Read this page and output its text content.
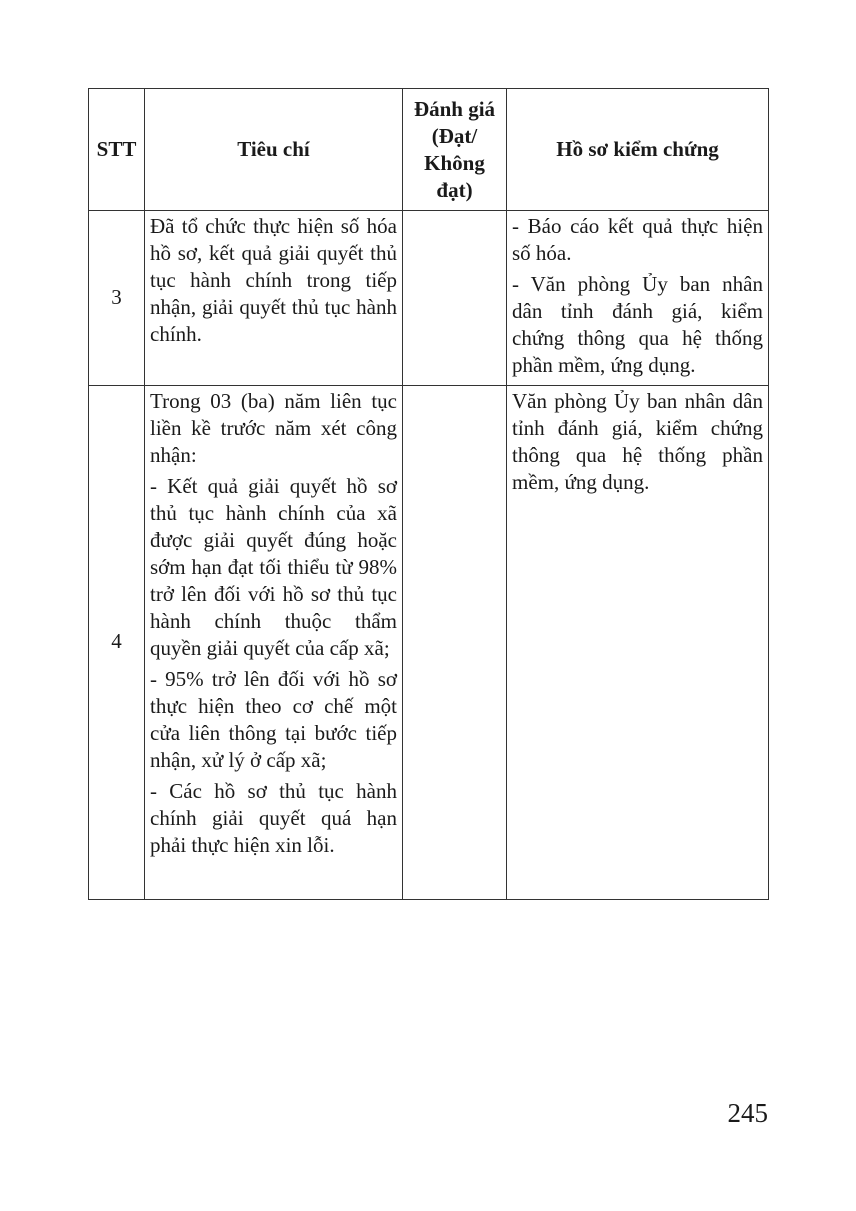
STT	Tiêu chí	Đánh giá
(Đạt/
Không
đạt)	Hồ sơ kiểm chứng
3	Đã tổ chức thực hiện số hóa hồ sơ, kết quả giải quyết thủ tục hành chính trong tiếp nhận, giải quyết thủ tục hành chính.		- Báo cáo kết quả thực hiện số hóa.

- Văn phòng Ủy ban nhân dân tỉnh đánh giá, kiểm chứng thông qua hệ thống phần mềm, ứng dụng.

4	Trong 03 (ba) năm liên tục liền kề trước năm xét công nhận:

- Kết quả giải quyết hồ sơ thủ tục hành chính của xã được giải quyết đúng hoặc sớm hạn đạt tối thiểu từ 98% trở lên đối với hồ sơ thủ tục hành chính thuộc thẩm quyền giải quyết của cấp xã;

- 95% trở lên đối với hồ sơ thực hiện theo cơ chế một cửa liên thông tại bước tiếp nhận, xử lý ở cấp xã;

- Các hồ sơ thủ tục hành chính giải quyết quá hạn phải thực hiện xin lỗi.		Văn phòng Ủy ban nhân dân tỉnh đánh giá, kiểm chứng thông qua hệ thống phần mềm, ứng dụng.

245
